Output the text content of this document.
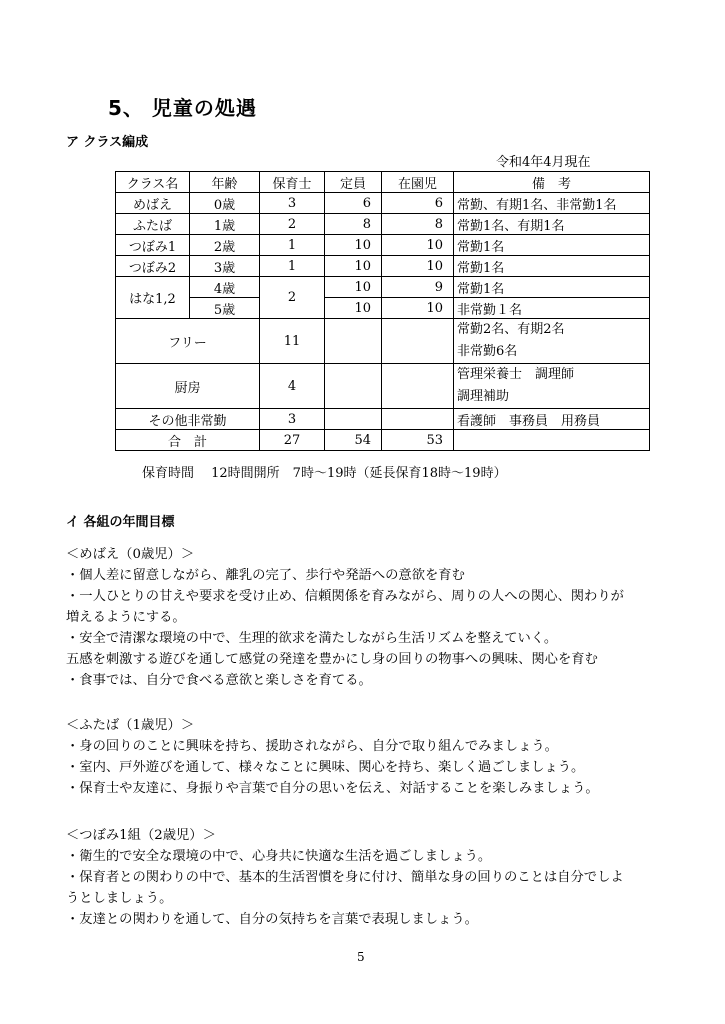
5、 児童の処遇
ア クラス編成
令和4年4月現在
クラス名	年齢	保育士	定員	在園児	備　考
めばえ	0歳	3	6	6	常勤、有期1名、非常勤1名
ふたば	1歳	2	8	8	常勤1名、有期1名
つぼみ1	2歳	1	10	10	常勤1名
つぼみ2	3歳	1	10	10	常勤1名
はな1,2	4歳	2	10	9	常勤1名
	5歳		10	10	非常勤１名
フリー		11			常勤2名、有期2名
非常勤6名

厨房		4			管理栄養士　調理師
調理補助

その他非常勤		3			看護師　事務員　用務員
合　計		27	54	53	
保育時間　 12時間開所　7時～19時（延長保育18時～19時）
イ 各組の年間目標
＜めばえ（0歳児）＞
・個人差に留意しながら、離乳の完了、歩行や発語への意欲を育む
・一人ひとりの甘えや要求を受け止め、信頼関係を育みながら、周りの人への関心、関わりが
増えるようにする。
・安全で清潔な環境の中で、生理的欲求を満たしながら生活リズムを整えていく。
五感を刺激する遊びを通して感覚の発達を豊かにし身の回りの物事への興味、関心を育む
・食事では、自分で食べる意欲と楽しさを育てる。
＜ふたば（1歳児）＞
・身の回りのことに興味を持ち、援助されながら、自分で取り組んでみましょう。
・室内、戸外遊びを通して、様々なことに興味、関心を持ち、楽しく過ごしましょう。
・保育士や友達に、身振りや言葉で自分の思いを伝え、対話することを楽しみましょう。
＜つぼみ1組（2歳児）＞
・衛生的で安全な環境の中で、心身共に快適な生活を過ごしましょう。
・保育者との関わりの中で、基本的生活習慣を身に付け、簡単な身の回りのことは自分でしよ
うとしましょう。
・友達との関わりを通して、自分の気持ちを言葉で表現しましょう。
5
